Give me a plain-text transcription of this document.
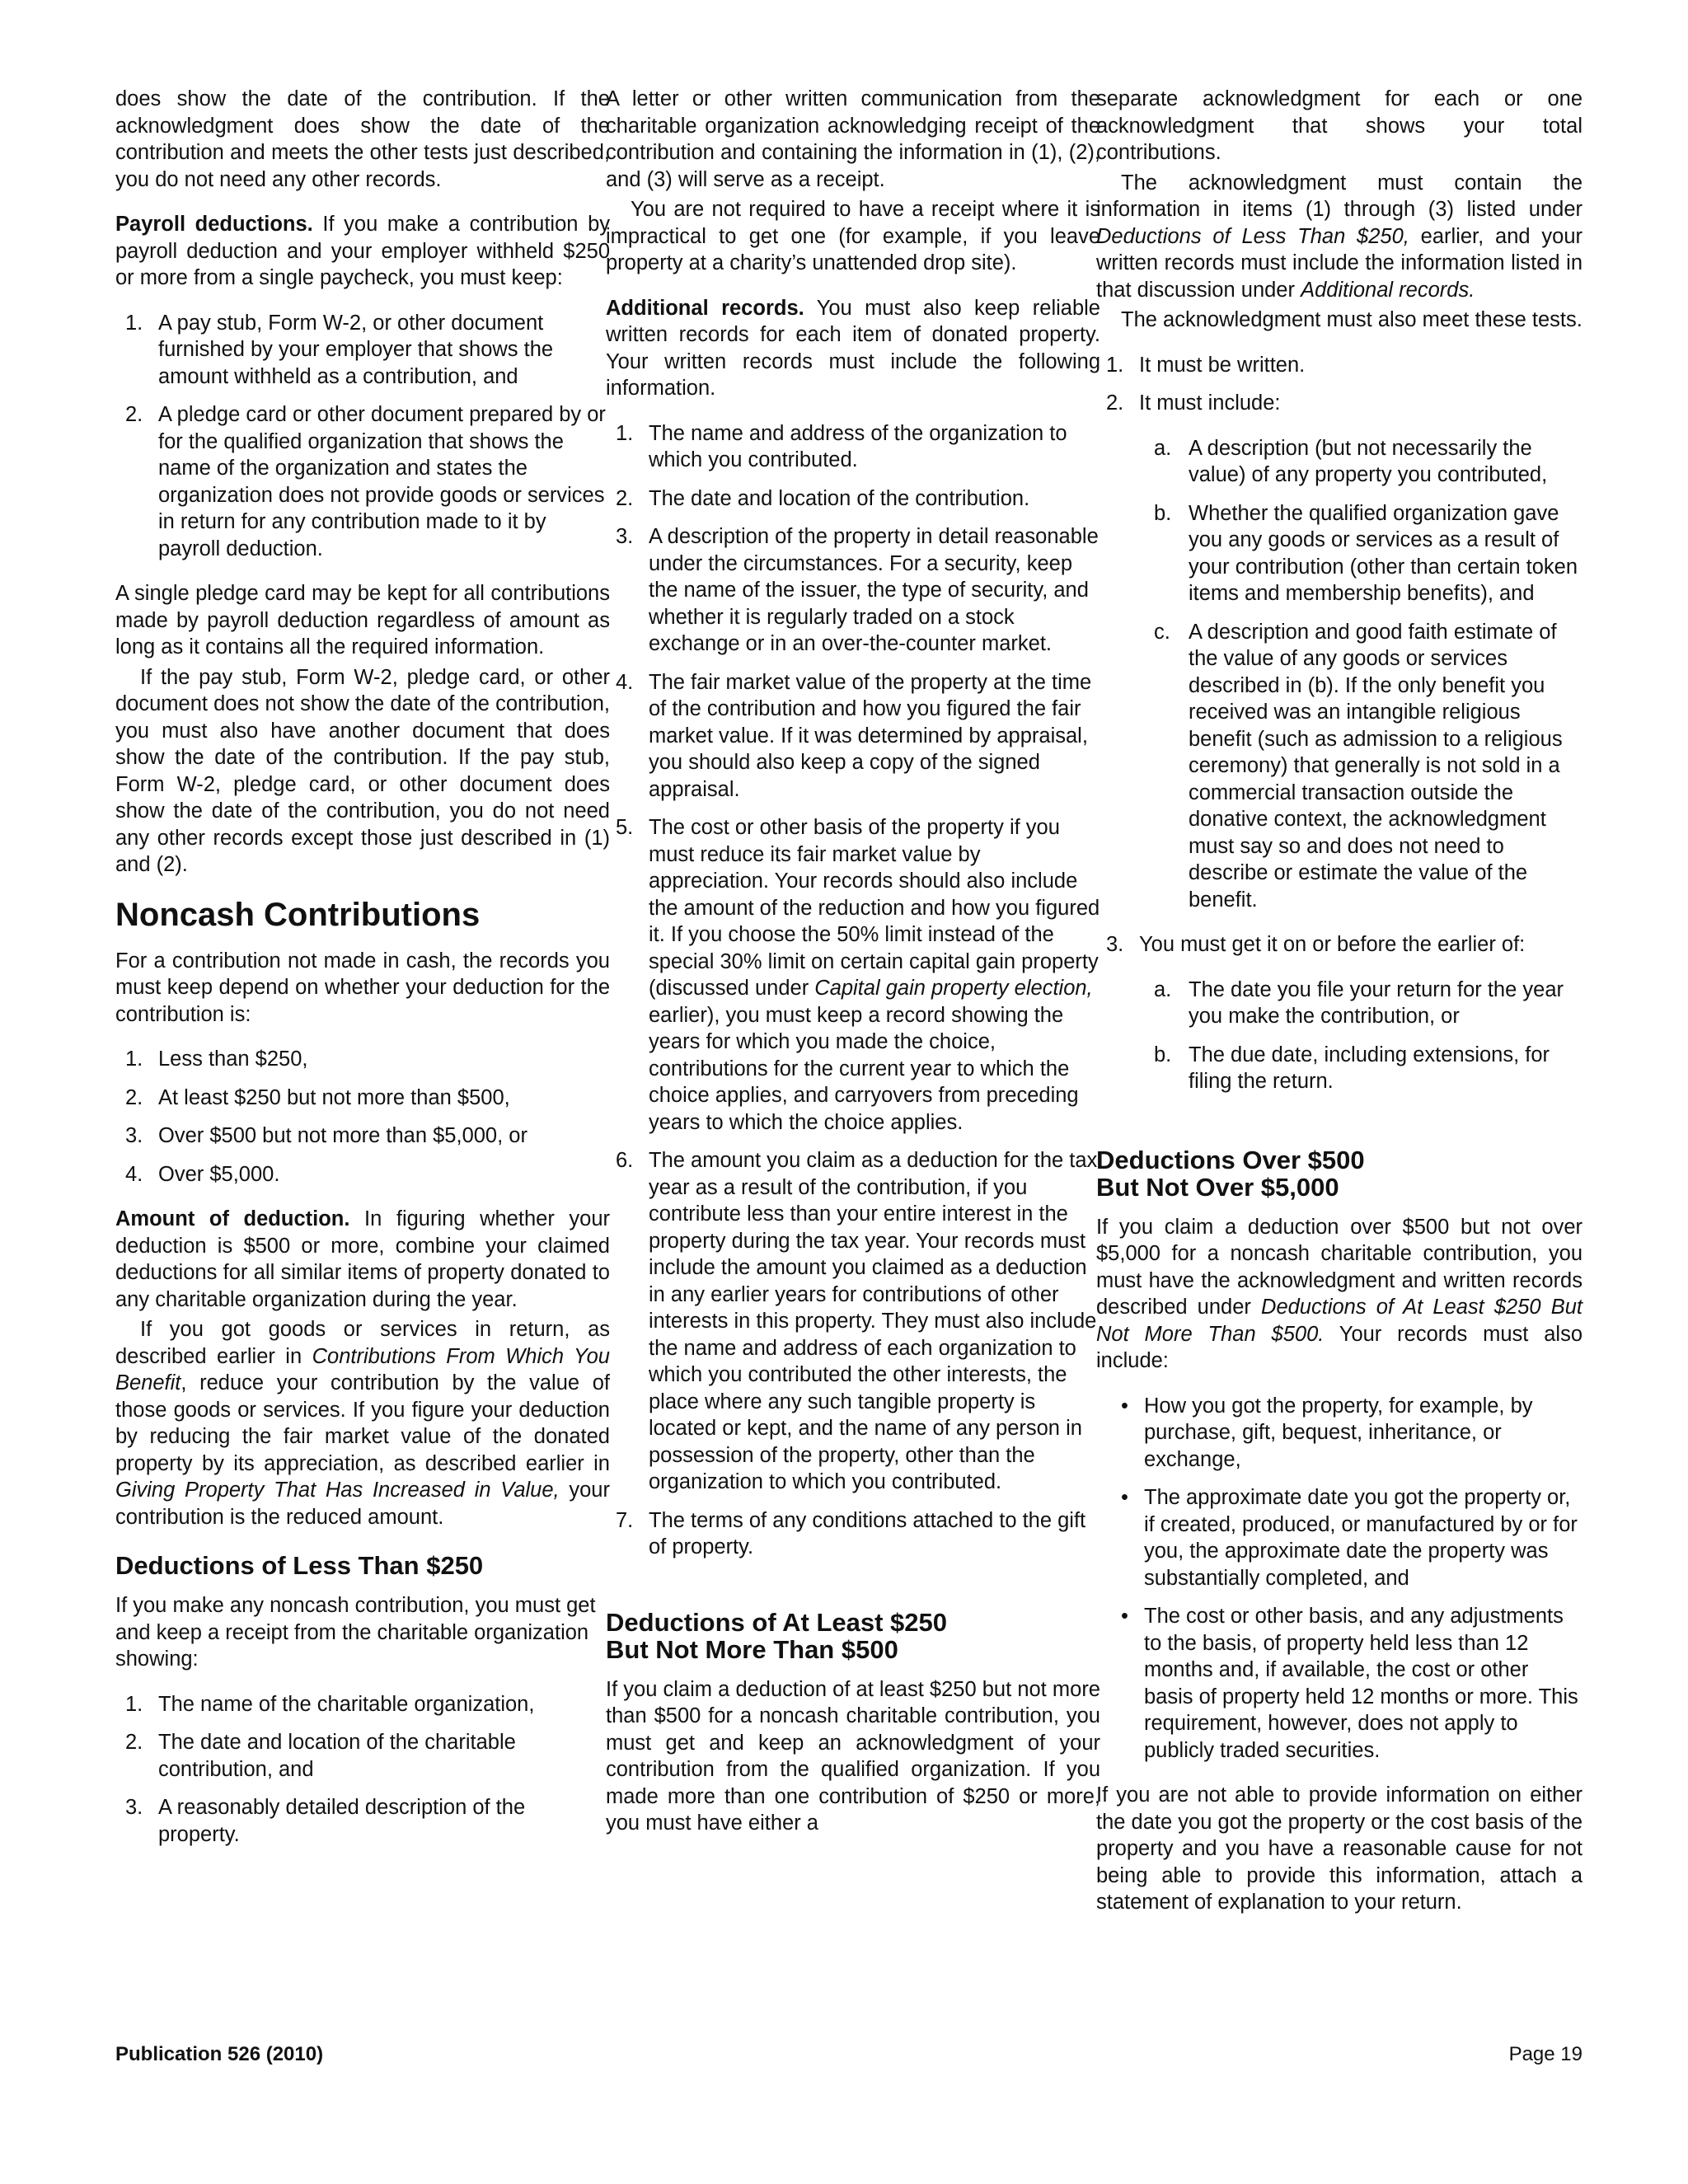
does show the date of the contribution. If the acknowledgment does show the date of the contribution and meets the other tests just described, you do not need any other records.

Payroll deductions. If you make a contribution by payroll deduction and your employer withheld $250 or more from a single paycheck, you must keep:

1. A pay stub, Form W-2, or other document furnished by your employer that shows the amount withheld as a contribution, and
2. A pledge card or other document prepared by or for the qualified organization that shows the name of the organization and states the organization does not provide goods or services in return for any contribution made to it by payroll deduction.

A single pledge card may be kept for all contributions made by payroll deduction regardless of amount as long as it contains all the required information.

If the pay stub, Form W-2, pledge card, or other document does not show the date of the contribution, you must also have another document that does show the date of the contribution. If the pay stub, Form W-2, pledge card, or other document does show the date of the contribution, you do not need any other records except those just described in (1) and (2).

Noncash Contributions

For a contribution not made in cash, the records you must keep depend on whether your deduction for the contribution is:

1. Less than $250,
2. At least $250 but not more than $500,
3. Over $500 but not more than $5,000, or
4. Over $5,000.

Amount of deduction. In figuring whether your deduction is $500 or more, combine your claimed deductions for all similar items of property donated to any charitable organization during the year.

If you got goods or services in return, as described earlier in Contributions From Which You Benefit, reduce your contribution by the value of those goods or services. If you figure your deduction by reducing the fair market value of the donated property by its appreciation, as described earlier in Giving Property That Has Increased in Value, your contribution is the reduced amount.

Deductions of Less Than $250

If you make any noncash contribution, you must get and keep a receipt from the charitable organization showing:

1. The name of the charitable organization,
2. The date and location of the charitable contribution, and
3. A reasonably detailed description of the property.

A letter or other written communication from the charitable organization acknowledging receipt of the contribution and containing the information in (1), (2), and (3) will serve as a receipt.

You are not required to have a receipt where it is impractical to get one (for example, if you leave property at a charity’s unattended drop site).

Additional records. You must also keep reliable written records for each item of donated property. Your written records must include the following information.

1. The name and address of the organization to which you contributed.
2. The date and location of the contribution.
3. A description of the property in detail reasonable under the circumstances. For a security, keep the name of the issuer, the type of security, and whether it is regularly traded on a stock exchange or in an over-the-counter market.
4. The fair market value of the property at the time of the contribution and how you figured the fair market value. If it was determined by appraisal, you should also keep a copy of the signed appraisal.
5. The cost or other basis of the property if you must reduce its fair market value by appreciation. Your records should also include the amount of the reduction and how you figured it. If you choose the 50% limit instead of the special 30% limit on certain capital gain property (discussed under Capital gain property election, earlier), you must keep a record showing the years for which you made the choice, contributions for the current year to which the choice applies, and carryovers from preceding years to which the choice applies.
6. The amount you claim as a deduction for the tax year as a result of the contribution, if you contribute less than your entire interest in the property during the tax year. Your records must include the amount you claimed as a deduction in any earlier years for contributions of other interests in this property. They must also include the name and address of each organization to which you contributed the other interests, the place where any such tangible property is located or kept, and the name of any person in possession of the property, other than the organization to which you contributed.
7. The terms of any conditions attached to the gift of property.
Deductions of At Least $250
But Not More Than $500

If you claim a deduction of at least $250 but not more than $500 for a noncash charitable contribution, you must get and keep an acknowledgment of your contribution from the qualified organization. If you made more than one contribution of $250 or more, you must have either a

separate acknowledgment for each or one acknowledgment that shows your total contributions.

The acknowledgment must contain the information in items (1) through (3) listed under Deductions of Less Than $250, earlier, and your written records must include the information listed in that discussion under Additional records.

The acknowledgment must also meet these tests.

1. It must be written.
2. It must include:
a. A description (but not necessarily the value) of any property you contributed,
b. Whether the qualified organization gave you any goods or services as a result of your contribution (other than certain token items and membership benefits), and
c. A description and good faith estimate of the value of any goods or services described in (b). If the only benefit you received was an intangible religious benefit (such as admission to a religious ceremony) that generally is not sold in a commercial transaction outside the donative context, the acknowledgment must say so and does not need to describe or estimate the value of the benefit.
3. You must get it on or before the earlier of:
a. The date you file your return for the year you make the contribution, or
b. The due date, including extensions, for filing the return.
Deductions Over $500
But Not Over $5,000

If you claim a deduction over $500 but not over $5,000 for a noncash charitable contribution, you must have the acknowledgment and written records described under Deductions of At Least $250 But Not More Than $500. Your records must also include:

• How you got the property, for example, by purchase, gift, bequest, inheritance, or exchange,
• The approximate date you got the property or, if created, produced, or manufactured by or for you, the approximate date the property was substantially completed, and
• The cost or other basis, and any adjustments to the basis, of property held less than 12 months and, if available, the cost or other basis of property held 12 months or more. This requirement, however, does not apply to publicly traded securities.

If you are not able to provide information on either the date you got the property or the cost basis of the property and you have a reasonable cause for not being able to provide this information, attach a statement of explanation to your return.

Publication 526 (2010)	Page 19
